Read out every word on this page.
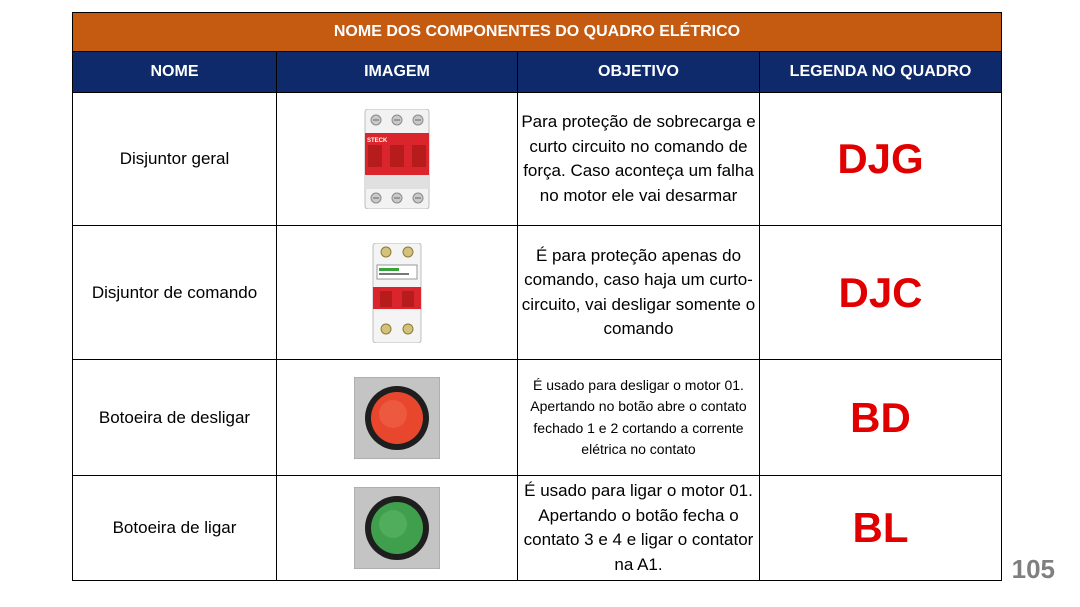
NOME DOS COMPONENTES DO QUADRO ELÉTRICO			
NOME	IMAGEM	OBJETIVO	LEGENDA NO QUADRO
Disjuntor geral	STECK	Para proteção de sobrecarga e curto circuito no comando de força. Caso aconteça um falha no motor ele vai desarmar	DJG
Disjuntor de comando		É para proteção apenas do comando, caso haja um curto-circuito, vai desligar somente o comando	DJC
Botoeira de desligar		É usado para desligar o motor 01. Apertando no botão abre o contato fechado 1 e 2 cortando a corrente elétrica no contato	BD
Botoeira de ligar		É usado para ligar o motor 01. Apertando o botão fecha o contato 3 e 4 e ligar o contator na A1.	BL
105
